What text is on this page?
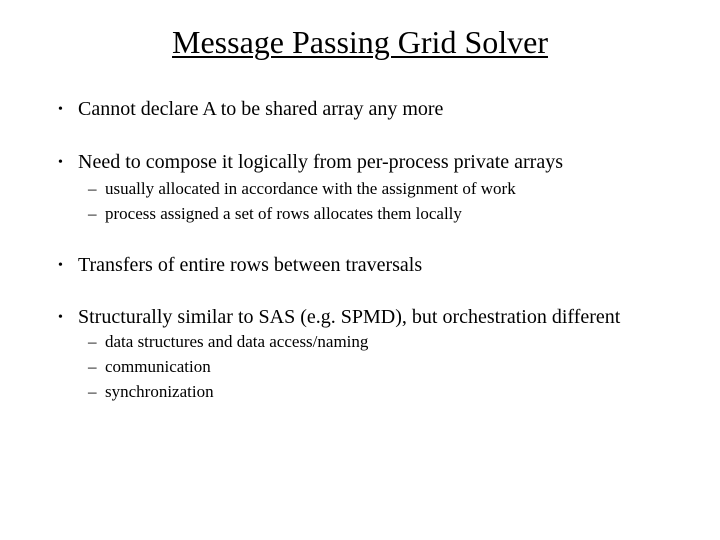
Message Passing Grid Solver
• Cannot declare A to be shared array any more
• Need to compose it logically from per-process private arrays
– usually allocated in accordance with the assignment of work
– process assigned a set of rows allocates them locally
• Transfers of entire rows between traversals
• Structurally similar to SAS (e.g. SPMD), but orchestration different
– data structures and data access/naming
– communication
– synchronization
